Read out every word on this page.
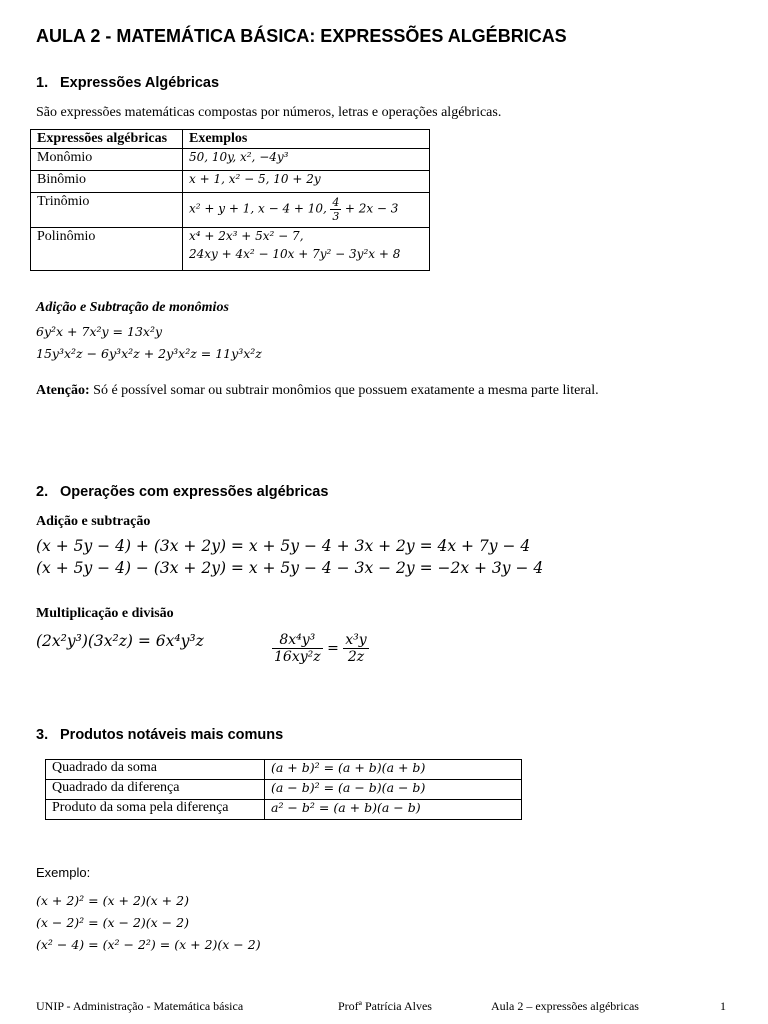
AULA 2 - MATEMÁTICA BÁSICA: EXPRESSÕES ALGÉBRICAS
1. Expressões Algébricas
São expressões matemáticas compostas por números, letras e operações algébricas.
Expressões algébricas	Exemplos
Monômio	50, 10y, x², −4y³
Binômio	x + 1, x² − 5, 10 + 2y
Trinômio	x² + y + 1, x − 4 + 10, $\frac{4}{3} + 2x - 3$
Polinômio	x⁴ + 2x³ + 5x² − 7,
24xy + 4x² − 10x + 7y² − 3y²x + 8
Adição e Subtração de monômios
6y²x + 7x²y = 13x²y
15y³x²z − 6y³x²z + 2y³x²z = 11y³x²z
Atenção: Só é possível somar ou subtrair monômios que possuem exatamente a mesma parte literal.
2. Operações com expressões algébricas
Adição e subtração
(x + 5y − 4) + (3x + 2y) = x + 5y − 4 + 3x + 2y = 4x + 7y − 4
(x + 5y − 4) − (3x + 2y) = x + 5y − 4 − 3x − 2y = −2x + 3y − 4
Multiplicação e divisão
(2x²y³)(3x²z) = 6x⁴y³z	$\frac{\text{8x⁴y³}}{\text{16xy²z}} = \frac{\text{x³y}}{2z}$
3. Produtos notáveis mais comuns
Quadrado da soma	(a + b)² = (a + b)(a + b)
Quadrado da diferença	(a − b)² = (a − b)(a − b)
Produto da soma pela diferença	a² − b² = (a + b)(a − b)
Exemplo:
(x + 2)² = (x + 2)(x + 2)
(x − 2)² = (x − 2)(x − 2)
(x² − 4) = (x² − 2²) = (x + 2)(x − 2)
UNIP - Administração - Matemática básica	Profª Patrícia Alves	Aula 2 – expressões algébricas	1
